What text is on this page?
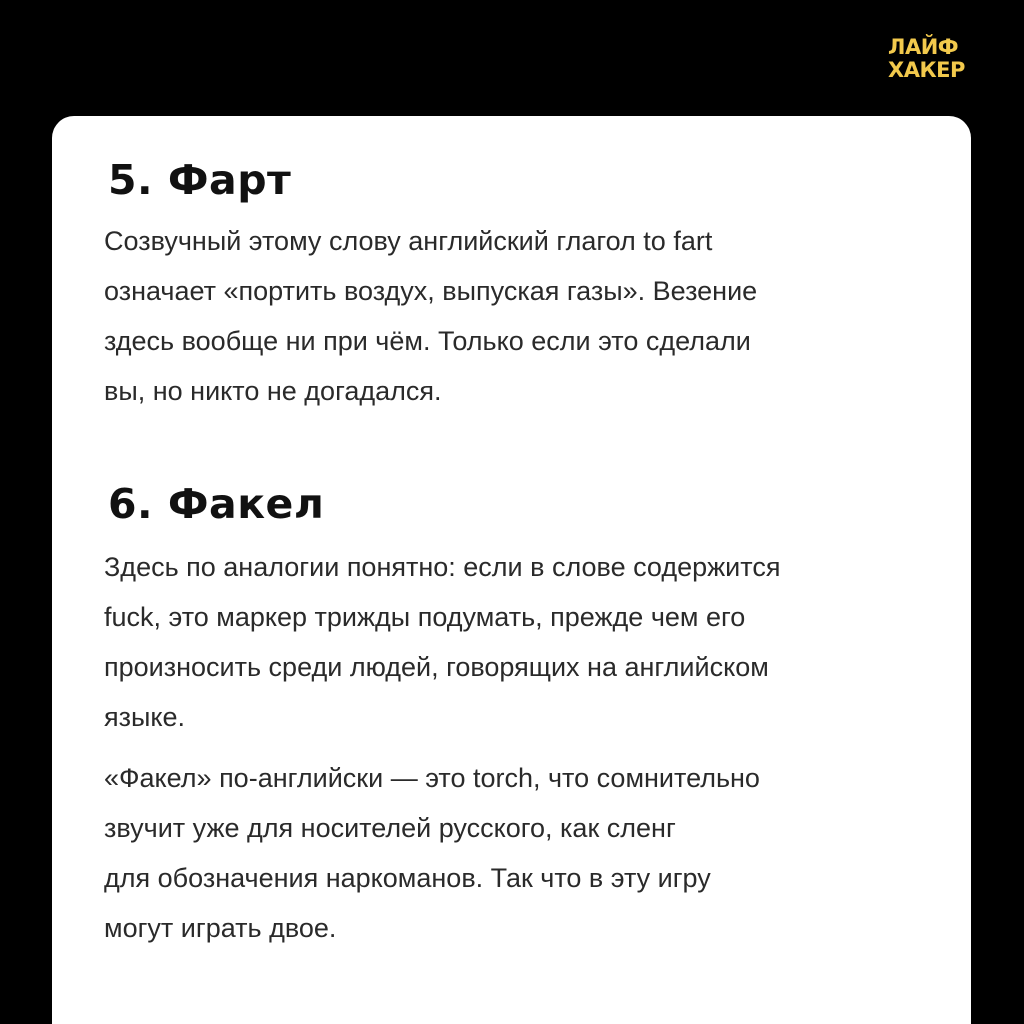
ЛАЙФ
ХАКЕР
5. Фарт

Созвучный этому слову английский глагол to fart
означает «портить воздух, выпуская газы». Везение
здесь вообще ни при чём. Только если это сделали
вы, но никто не догадался.

6. Факел

Здесь по аналогии понятно: если в слове содержится
fuck, это маркер трижды подумать, прежде чем его
произносить среди людей, говорящих на английском
языке.

«Факел» по-английски — это torch, что сомнительно
звучит уже для носителей русского, как сленг
для обозначения наркоманов. Так что в эту игру
могут играть двое.
